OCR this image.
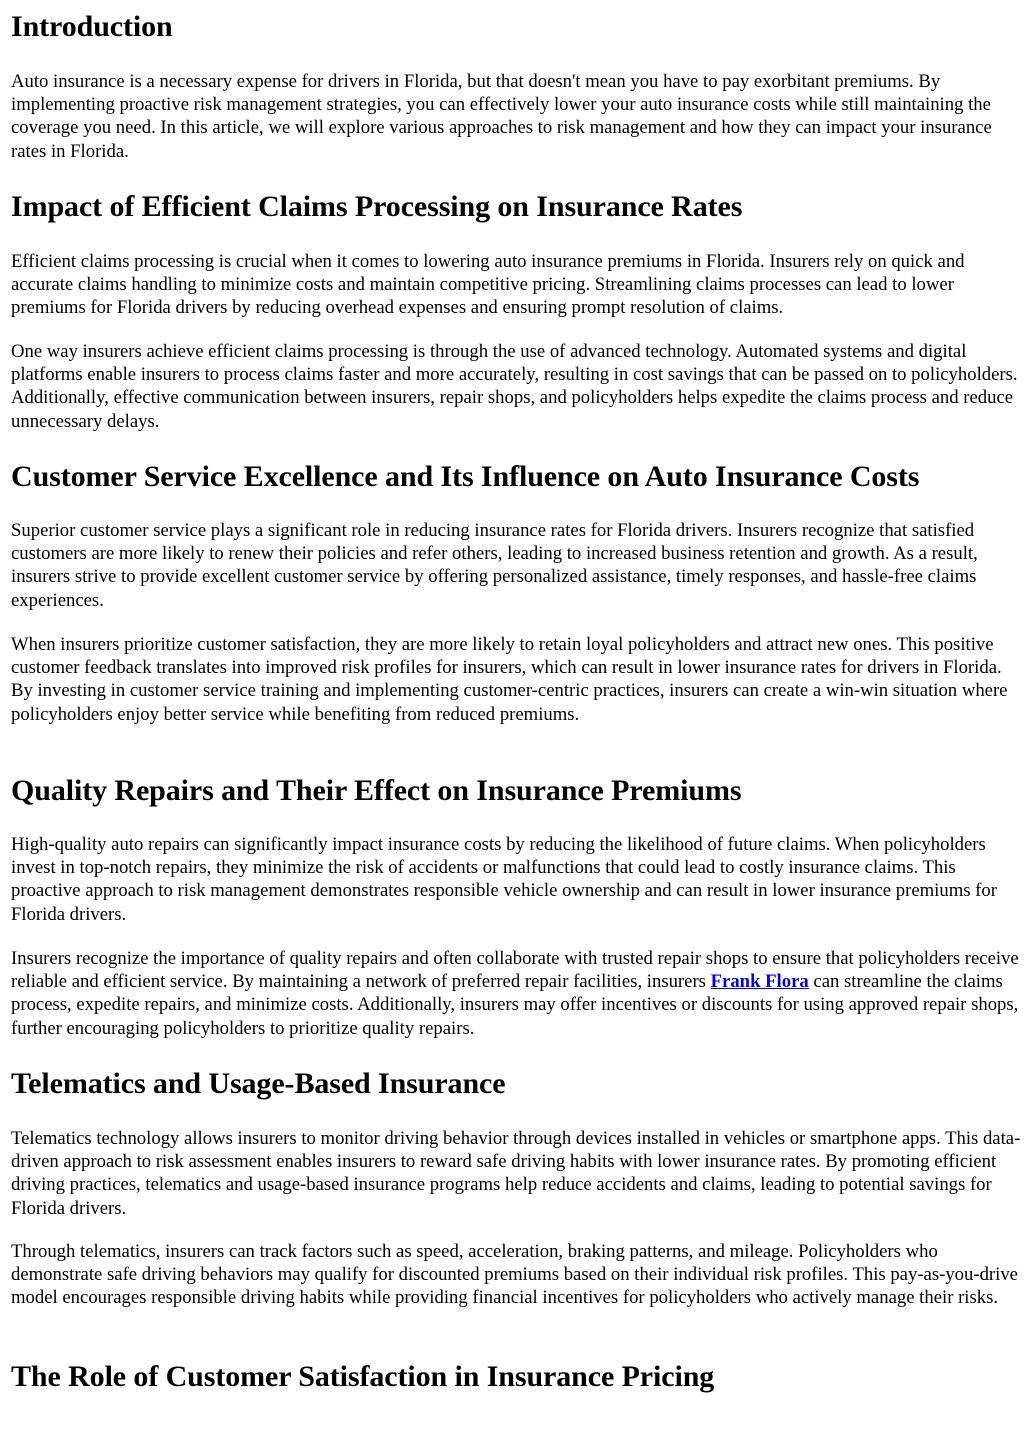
Introduction

Auto insurance is a necessary expense for drivers in Florida, but that doesn't mean you have to pay exorbitant premiums. By implementing proactive risk management strategies, you can effectively lower your auto insurance costs while still maintaining the coverage you need. In this article, we will explore various approaches to risk management and how they can impact your insurance rates in Florida.

Impact of Efficient Claims Processing on Insurance Rates

Efficient claims processing is crucial when it comes to lowering auto insurance premiums in Florida. Insurers rely on quick and accurate claims handling to minimize costs and maintain competitive pricing. Streamlining claims processes can lead to lower premiums for Florida drivers by reducing overhead expenses and ensuring prompt resolution of claims.

One way insurers achieve efficient claims processing is through the use of advanced technology. Automated systems and digital platforms enable insurers to process claims faster and more accurately, resulting in cost savings that can be passed on to policyholders. Additionally, effective communication between insurers, repair shops, and policyholders helps expedite the claims process and reduce unnecessary delays.

Customer Service Excellence and Its Influence on Auto Insurance Costs

Superior customer service plays a significant role in reducing insurance rates for Florida drivers. Insurers recognize that satisfied customers are more likely to renew their policies and refer others, leading to increased business retention and growth. As a result, insurers strive to provide excellent customer service by offering personalized assistance, timely responses, and hassle-free claims experiences.

When insurers prioritize customer satisfaction, they are more likely to retain loyal policyholders and attract new ones. This positive customer feedback translates into improved risk profiles for insurers, which can result in lower insurance rates for drivers in Florida. By investing in customer service training and implementing customer-centric practices, insurers can create a win-win situation where policyholders enjoy better service while benefiting from reduced premiums.

Quality Repairs and Their Effect on Insurance Premiums

High-quality auto repairs can significantly impact insurance costs by reducing the likelihood of future claims. When policyholders invest in top-notch repairs, they minimize the risk of accidents or malfunctions that could lead to costly insurance claims. This proactive approach to risk management demonstrates responsible vehicle ownership and can result in lower insurance premiums for Florida drivers.

Insurers recognize the importance of quality repairs and often collaborate with trusted repair shops to ensure that policyholders receive reliable and efficient service. By maintaining a network of preferred repair facilities, insurers Frank Flora can streamline the claims process, expedite repairs, and minimize costs. Additionally, insurers may offer incentives or discounts for using approved repair shops, further encouraging policyholders to prioritize quality repairs.

Telematics and Usage-Based Insurance

Telematics technology allows insurers to monitor driving behavior through devices installed in vehicles or smartphone apps. This data-driven approach to risk assessment enables insurers to reward safe driving habits with lower insurance rates. By promoting efficient driving practices, telematics and usage-based insurance programs help reduce accidents and claims, leading to potential savings for Florida drivers.

Through telematics, insurers can track factors such as speed, acceleration, braking patterns, and mileage. Policyholders who demonstrate safe driving behaviors may qualify for discounted premiums based on their individual risk profiles. This pay-as-you-drive model encourages responsible driving habits while providing financial incentives for policyholders who actively manage their risks.

The Role of Customer Satisfaction in Insurance Pricing
